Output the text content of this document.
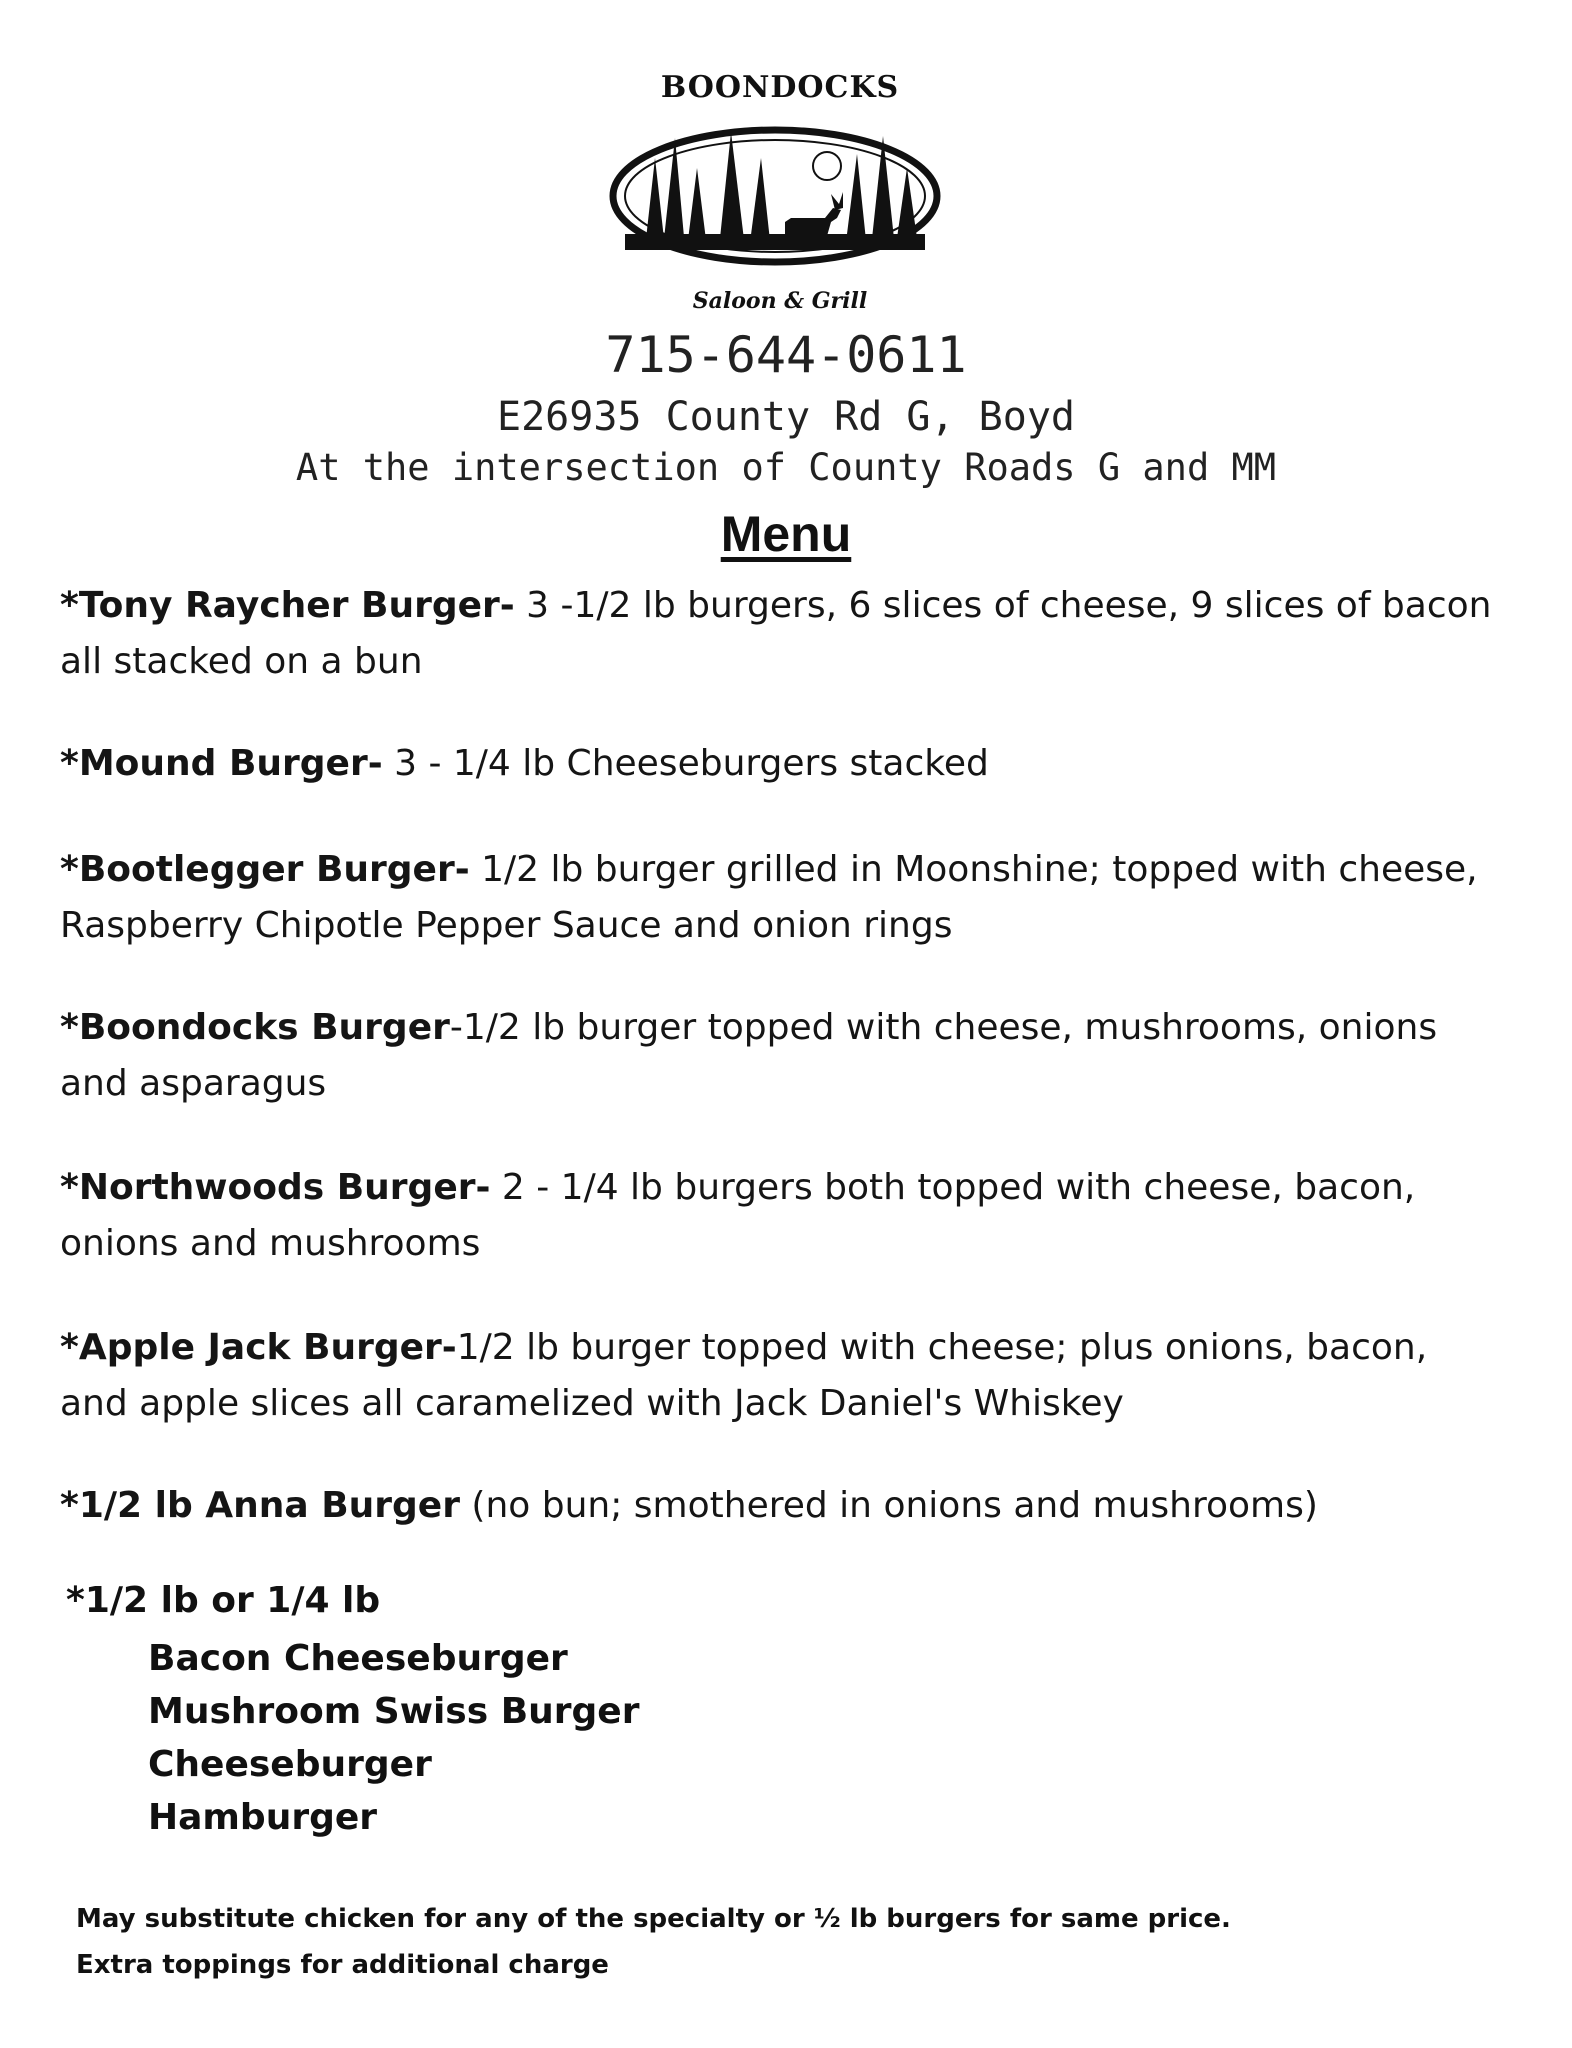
BOONDOCKS
Saloon & Grill
715-644-0611
E26935 County Rd G, Boyd
At the intersection of County Roads G and MM
Menu
*Tony Raycher Burger- 3 -1/2 lb burgers, 6 slices of cheese, 9 slices of bacon all stacked on a bun
*Mound Burger- 3 - 1/4 lb Cheeseburgers stacked
*Bootlegger Burger- 1/2 lb burger grilled in Moonshine; topped with cheese, Raspberry Chipotle Pepper Sauce and onion rings
*Boondocks Burger-1/2 lb burger topped with cheese, mushrooms, onions and asparagus
*Northwoods Burger- 2 - 1/4 lb burgers both topped with cheese, bacon, onions and mushrooms
*Apple Jack Burger-1/2 lb burger topped with cheese; plus onions, bacon, and apple slices all caramelized with Jack Daniel's Whiskey
*1/2 lb Anna Burger (no bun; smothered in onions and mushrooms)
*1/2 lb or 1/4 lb
Bacon Cheeseburger
Mushroom Swiss Burger
Cheeseburger
Hamburger
May substitute chicken for any of the specialty or ½ lb burgers for same price.
Extra toppings for additional charge
